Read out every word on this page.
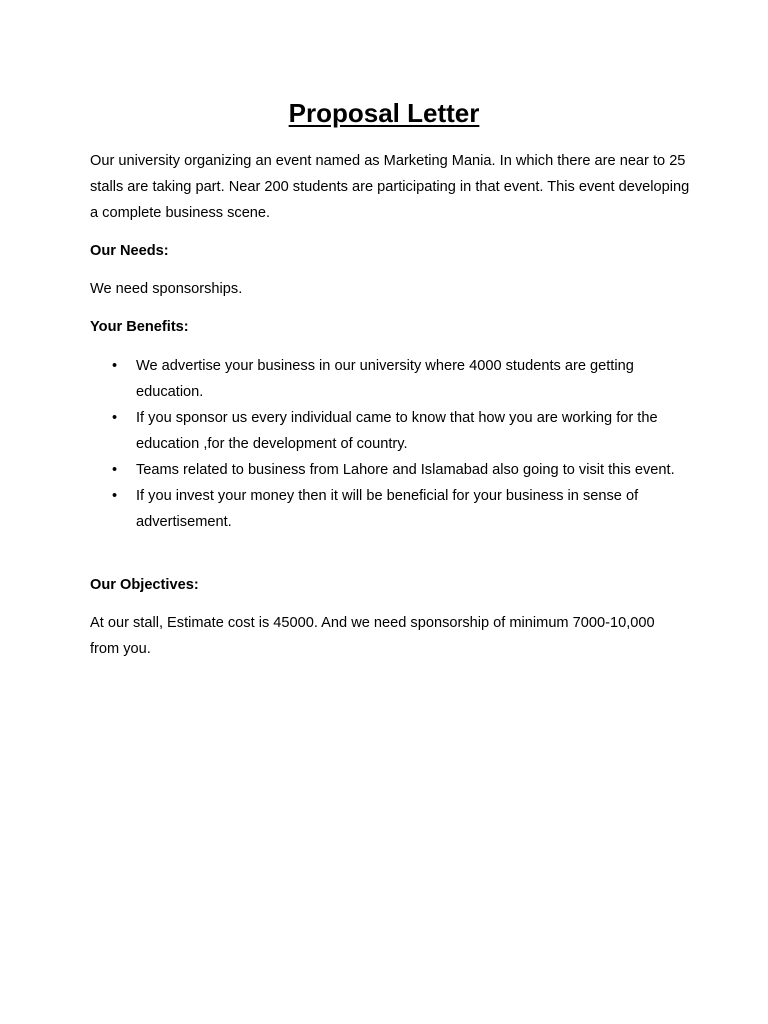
Proposal Letter

Our university organizing an event named as Marketing Mania. In which there are near to 25 stalls are taking part. Near 200 students are participating in that event. This event developing a complete business scene.

Our Needs:

We need sponsorships.

Your Benefits:

• We advertise your business in our university where 4000 students are getting education.
• If you sponsor us every individual came to know that how you are working for the education ,for the development of country.
• Teams related to business from Lahore and Islamabad also going to visit this event.
• If you invest your money then it will be beneficial for your business in sense of advertisement.

Our Objectives:

At our stall, Estimate cost is 45000. And we need sponsorship of minimum 7000-10,000 from you.
